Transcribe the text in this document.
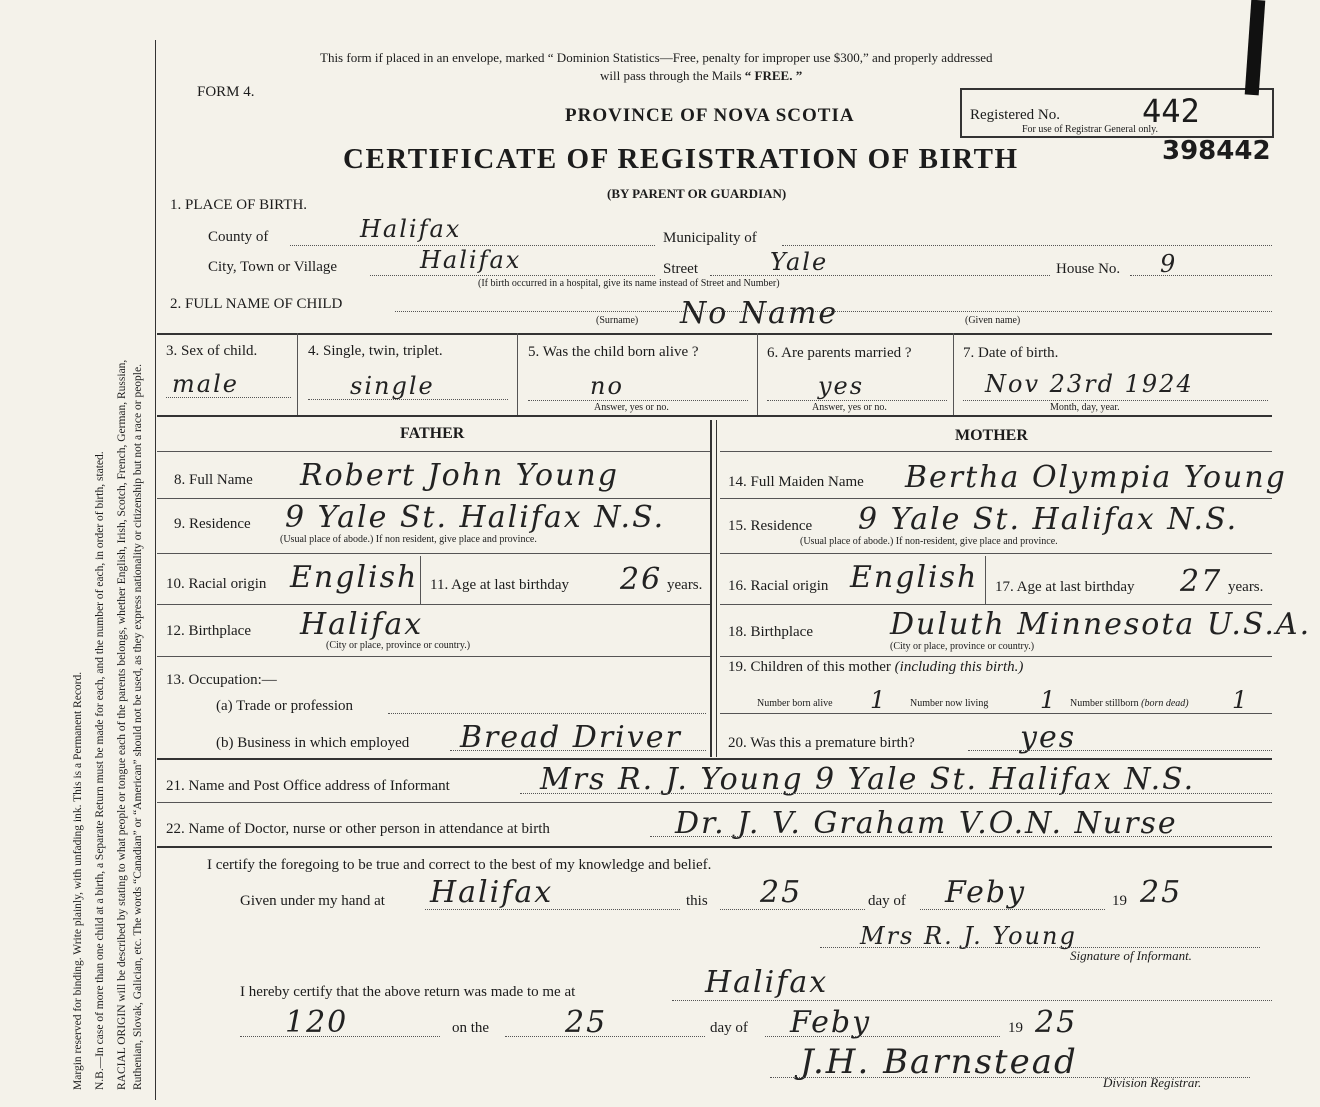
Margin reserved for binding. Write plainly, with unfading ink. This is a Permanent Record. N.B.—In case of more than one child at a birth, a Separate Return must be made for each, and the number of each, in order of birth, stated. RACIAL ORIGIN will be described by stating to what people or tongue each of the parents belongs, whether English, Irish, Scotch, French, German, Russian, Ruthenian, Slovak, Galician, etc. The words “Canadian” or “American” should not be used, as they express nationality or citizenship but not a race or people.
This form if placed in an envelope, marked “ Dominion Statistics—Free, penalty for improper use $300,” and properly addressed
will pass through the Mails “ FREE. ”
FORM 4.
PROVINCE OF NOVA SCOTIA
CERTIFICATE OF REGISTRATION OF BIRTH
(BY PARENT OR GUARDIAN)
Registered No.	442
For use of Registrar General only.
398442
1. PLACE OF BIRTH.
County of	Halifax	Municipality of
City, Town or Village	Halifax	Street	Yale	House No. 9
(If birth occurred in a hospital, give its name instead of Street and Number)
2. FULL NAME OF CHILD
(Surname) No Name	(Given name)
3. Sex of child.
male
4. Single, twin, triplet.
single
5. Was the child born alive ?
no
Answer, yes or no.
6. Are parents married ?
yes
Answer, yes or no.
7. Date of birth.
Nov 23rd 1924
Month, day, year.
FATHER	MOTHER
8. Full Name Robert John Young
9. Residence 9 Yale St. Halifax N.S.
(Usual place of abode.) If non resident, give place and province.
10. Racial origin English 11. Age at last birthday 26 years.
12. Birthplace Halifax
(City or place, province or country.)
13. Occupation:—
(a) Trade or profession
(b) Business in which employed Bread Driver
14. Full Maiden Name Bertha Olympia Young
15. Residence 9 Yale St. Halifax N.S.
(Usual place of abode.) If non-resident, give place and province.
16. Racial origin English 17. Age at last birthday 27 years.
18. Birthplace	Duluth Minnesota U.S.A.
(City or place, province or country.)
19. Children of this mother (including this birth.)
Number born alive 1 Number now living 1 Number stillborn (born dead) 1
20. Was this a premature birth?	yes
21. Name and Post Office address of Informant	Mrs R. J. Young 9 Yale St. Halifax N.S.
22. Name of Doctor, nurse or other person in attendance at birth	Dr. J. V. Graham V.O.N. Nurse
I certify the foregoing to be true and correct to the best of my knowledge and belief.
Given under my hand at Halifax	this 25	day of Feby	19 25
Mrs R. J. Young
Signature of Informant.
I hereby certify that the above return was made to me at	Halifax
120	on the	25	day of Feby	19 25
J.H. Barnstead
Division Registrar.
